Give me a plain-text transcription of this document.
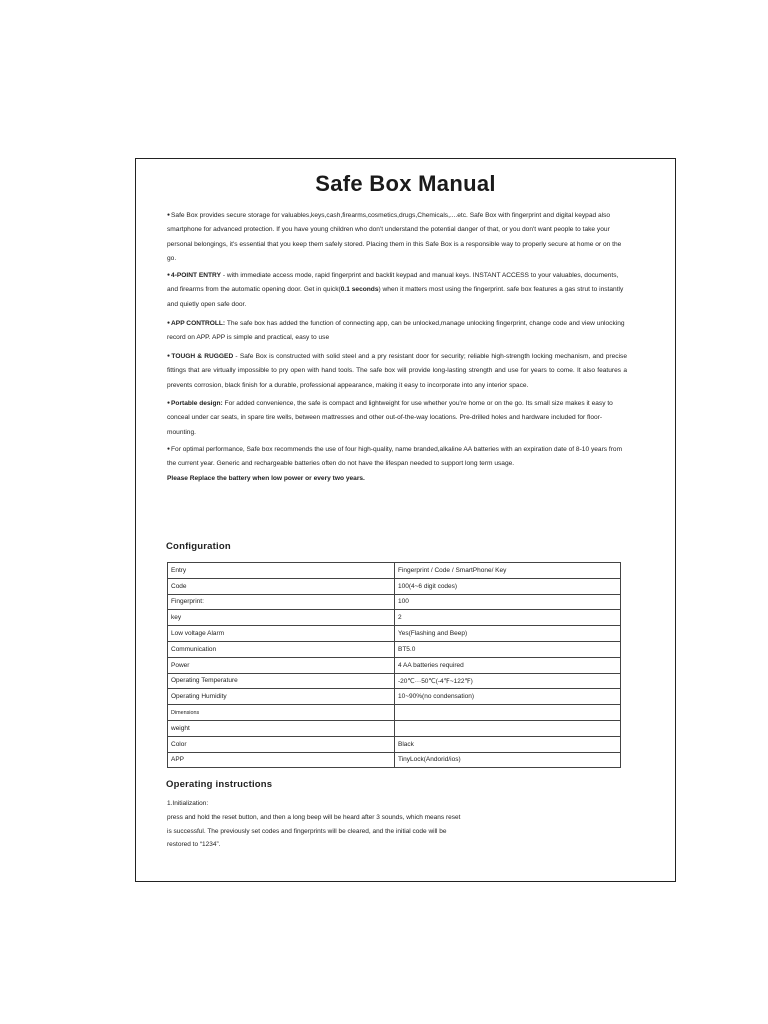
Safe Box Manual

●Safe Box provides secure storage for valuables,keys,cash,firearms,cosmetics,drugs,Chemicals,....etc. Safe Box with fingerprint and digital keypad also smartphone for advanced protection. If you have young children who don't understand the potential danger of that, or you don't want people to take your personal belongings, it's essential that you keep them safely stored. Placing them in this Safe Box is a responsible way to properly secure at home or on the go.

●4-POINT ENTRY - with immediate access mode, rapid fingerprint and backlit keypad and manual keys. INSTANT ACCESS to your valuables, documents, and firearms from the automatic opening door. Get in quick(0.1 seconds) when it matters most using the fingerprint. safe box features a gas strut to instantly and quietly open safe door.

●APP CONTROLL: The safe box has added the function of connecting app, can be unlocked,manage unlocking fingerprint, change code and view unlocking record on APP. APP is simple and practical, easy to use

●TOUGH & RUGGED - Safe Box is constructed with solid steel and a pry resistant door for security; reliable high-strength locking mechanism, and precise fittings that are virtually impossible to pry open with hand tools. The safe box will provide long-lasting strength and use for years to come. It also features a prevents corrosion, black finish for a durable, professional appearance, making it easy to incorporate into any interior space.

●Portable design: For added convenience, the safe is compact and lightweight for use whether you're home or on the go. Its small size makes it easy to conceal under car seats, in spare tire wells, between mattresses and other out-of-the-way locations. Pre-drilled holes and hardware included for floor-mounting.

●For optimal performance, Safe box recommends the use of four high-quality, name branded,alkaline AA batteries with an expiration date of 8-10 years from the current year. Generic and rechargeable batteries often do not have the lifespan needed to support long term usage.

Please Replace the battery when low power or every two years.

Configuration
Entry	Fingerprint / Code / SmartPhone/ Key
Code	100(4~6 digit codes)
Fingerprint:	100
key	2
Low voltage Alarm	Yes(Flashing and Beep)
Communication	BT5.0
Power	4 AA batteries required
Operating Temperature	-20℃···50℃(-4℉~122℉)
Operating Humidity	10~90%(no condensation)
Dimensions	
weight	
Color	Black
APP	TinyLock(Andorid/ios)
Operating instructions
1.Initialization:
press and hold the reset button, and then a long beep will be heard after 3 sounds, which means reset
is successful. The previously set codes and fingerprints will be cleared, and the initial code will be
restored to “1234”.
